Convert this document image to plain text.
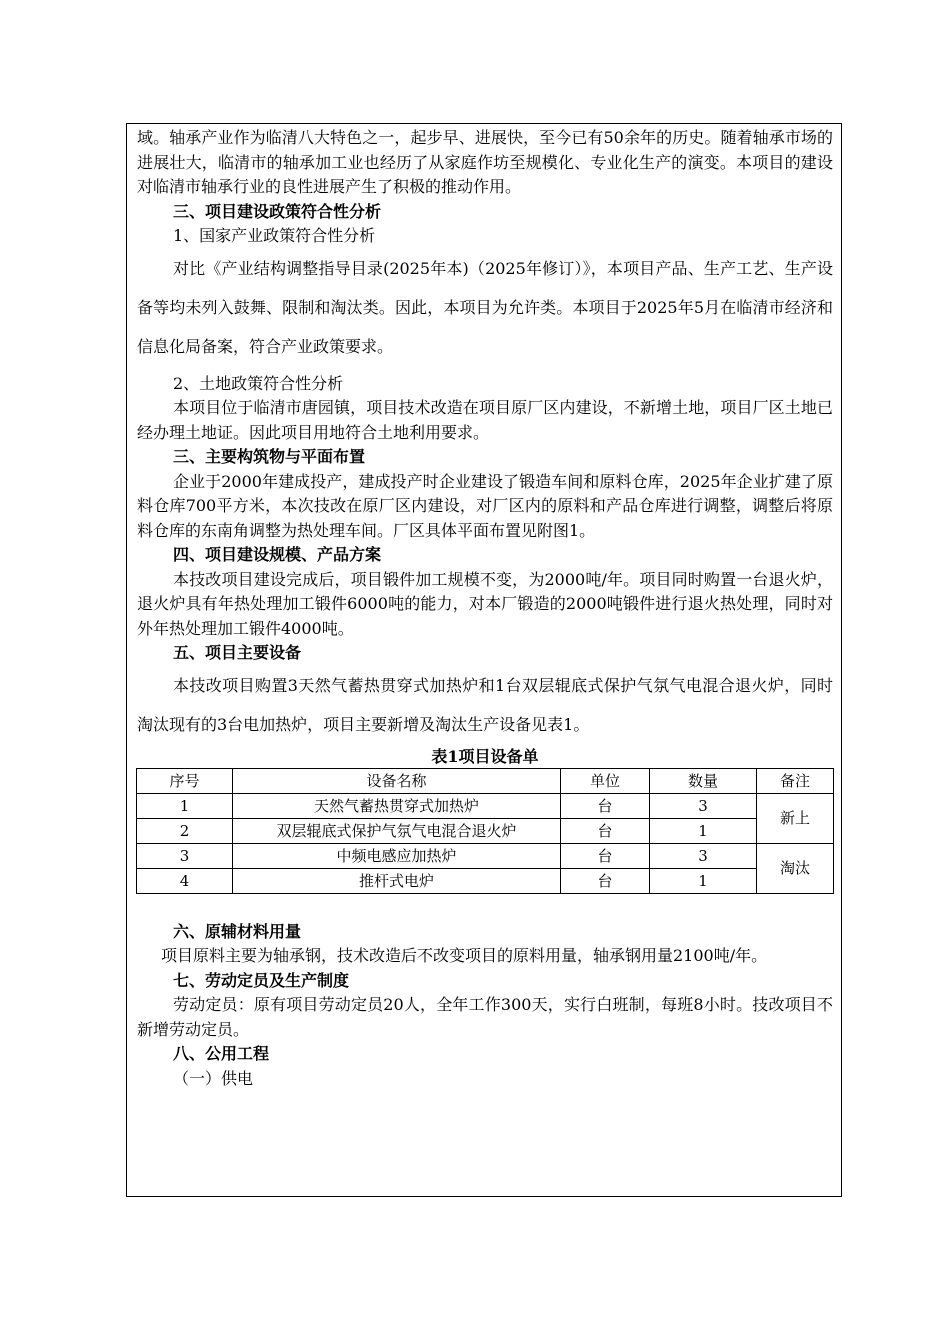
域。轴承产业作为临清八大特色之一，起步早、进展快，至今已有50余年的历史。随着轴承市场的进展壮大，临清市的轴承加工业也经历了从家庭作坊至规模化、专业化生产的演变。本项目的建设对临清市轴承行业的良性进展产生了积极的推动作用。

三、项目建设政策符合性分析

1、国家产业政策符合性分析

对比《产业结构调整指导目录(2025年本)（2025年修订）》，本项目产品、生产工艺、生产设备等均未列入鼓舞、限制和淘汰类。因此，本项目为允许类。本项目于2025年5月在临清市经济和信息化局备案，符合产业政策要求。

2、土地政策符合性分析

本项目位于临清市唐园镇，项目技术改造在项目原厂区内建设，不新增土地，项目厂区土地已经办理土地证。因此项目用地符合土地利用要求。

三、主要构筑物与平面布置

企业于2000年建成投产，建成投产时企业建设了锻造车间和原料仓库，2025年企业扩建了原料仓库700平方米，本次技改在原厂区内建设，对厂区内的原料和产品仓库进行调整，调整后将原料仓库的东南角调整为热处理车间。厂区具体平面布置见附图1。

四、项目建设规模、产品方案

本技改项目建设完成后，项目锻件加工规模不变，为2000吨/年。项目同时购置一台退火炉，退火炉具有年热处理加工锻件6000吨的能力，对本厂锻造的2000吨锻件进行退火热处理，同时对外年热处理加工锻件4000吨。

五、项目主要设备

本技改项目购置3天然气蓄热贯穿式加热炉和1台双层辊底式保护气氛气电混合退火炉，同时淘汰现有的3台电加热炉，项目主要新增及淘汰生产设备见表1。

表1项目设备单

序号	设备名称	单位	数量	备注
1	天然气蓄热贯穿式加热炉	台	3	新上
2	双层辊底式保护气氛气电混合退火炉	台	1	
3	中频电感应加热炉	台	3	淘汰
4	推杆式电炉	台	1	

六、原辅材料用量

项目原料主要为轴承钢，技术改造后不改变项目的原料用量，轴承钢用量2100吨/年。

七、劳动定员及生产制度

劳动定员：原有项目劳动定员20人，全年工作300天，实行白班制，每班8小时。技改项目不新增劳动定员。

八、公用工程

（一）供电
